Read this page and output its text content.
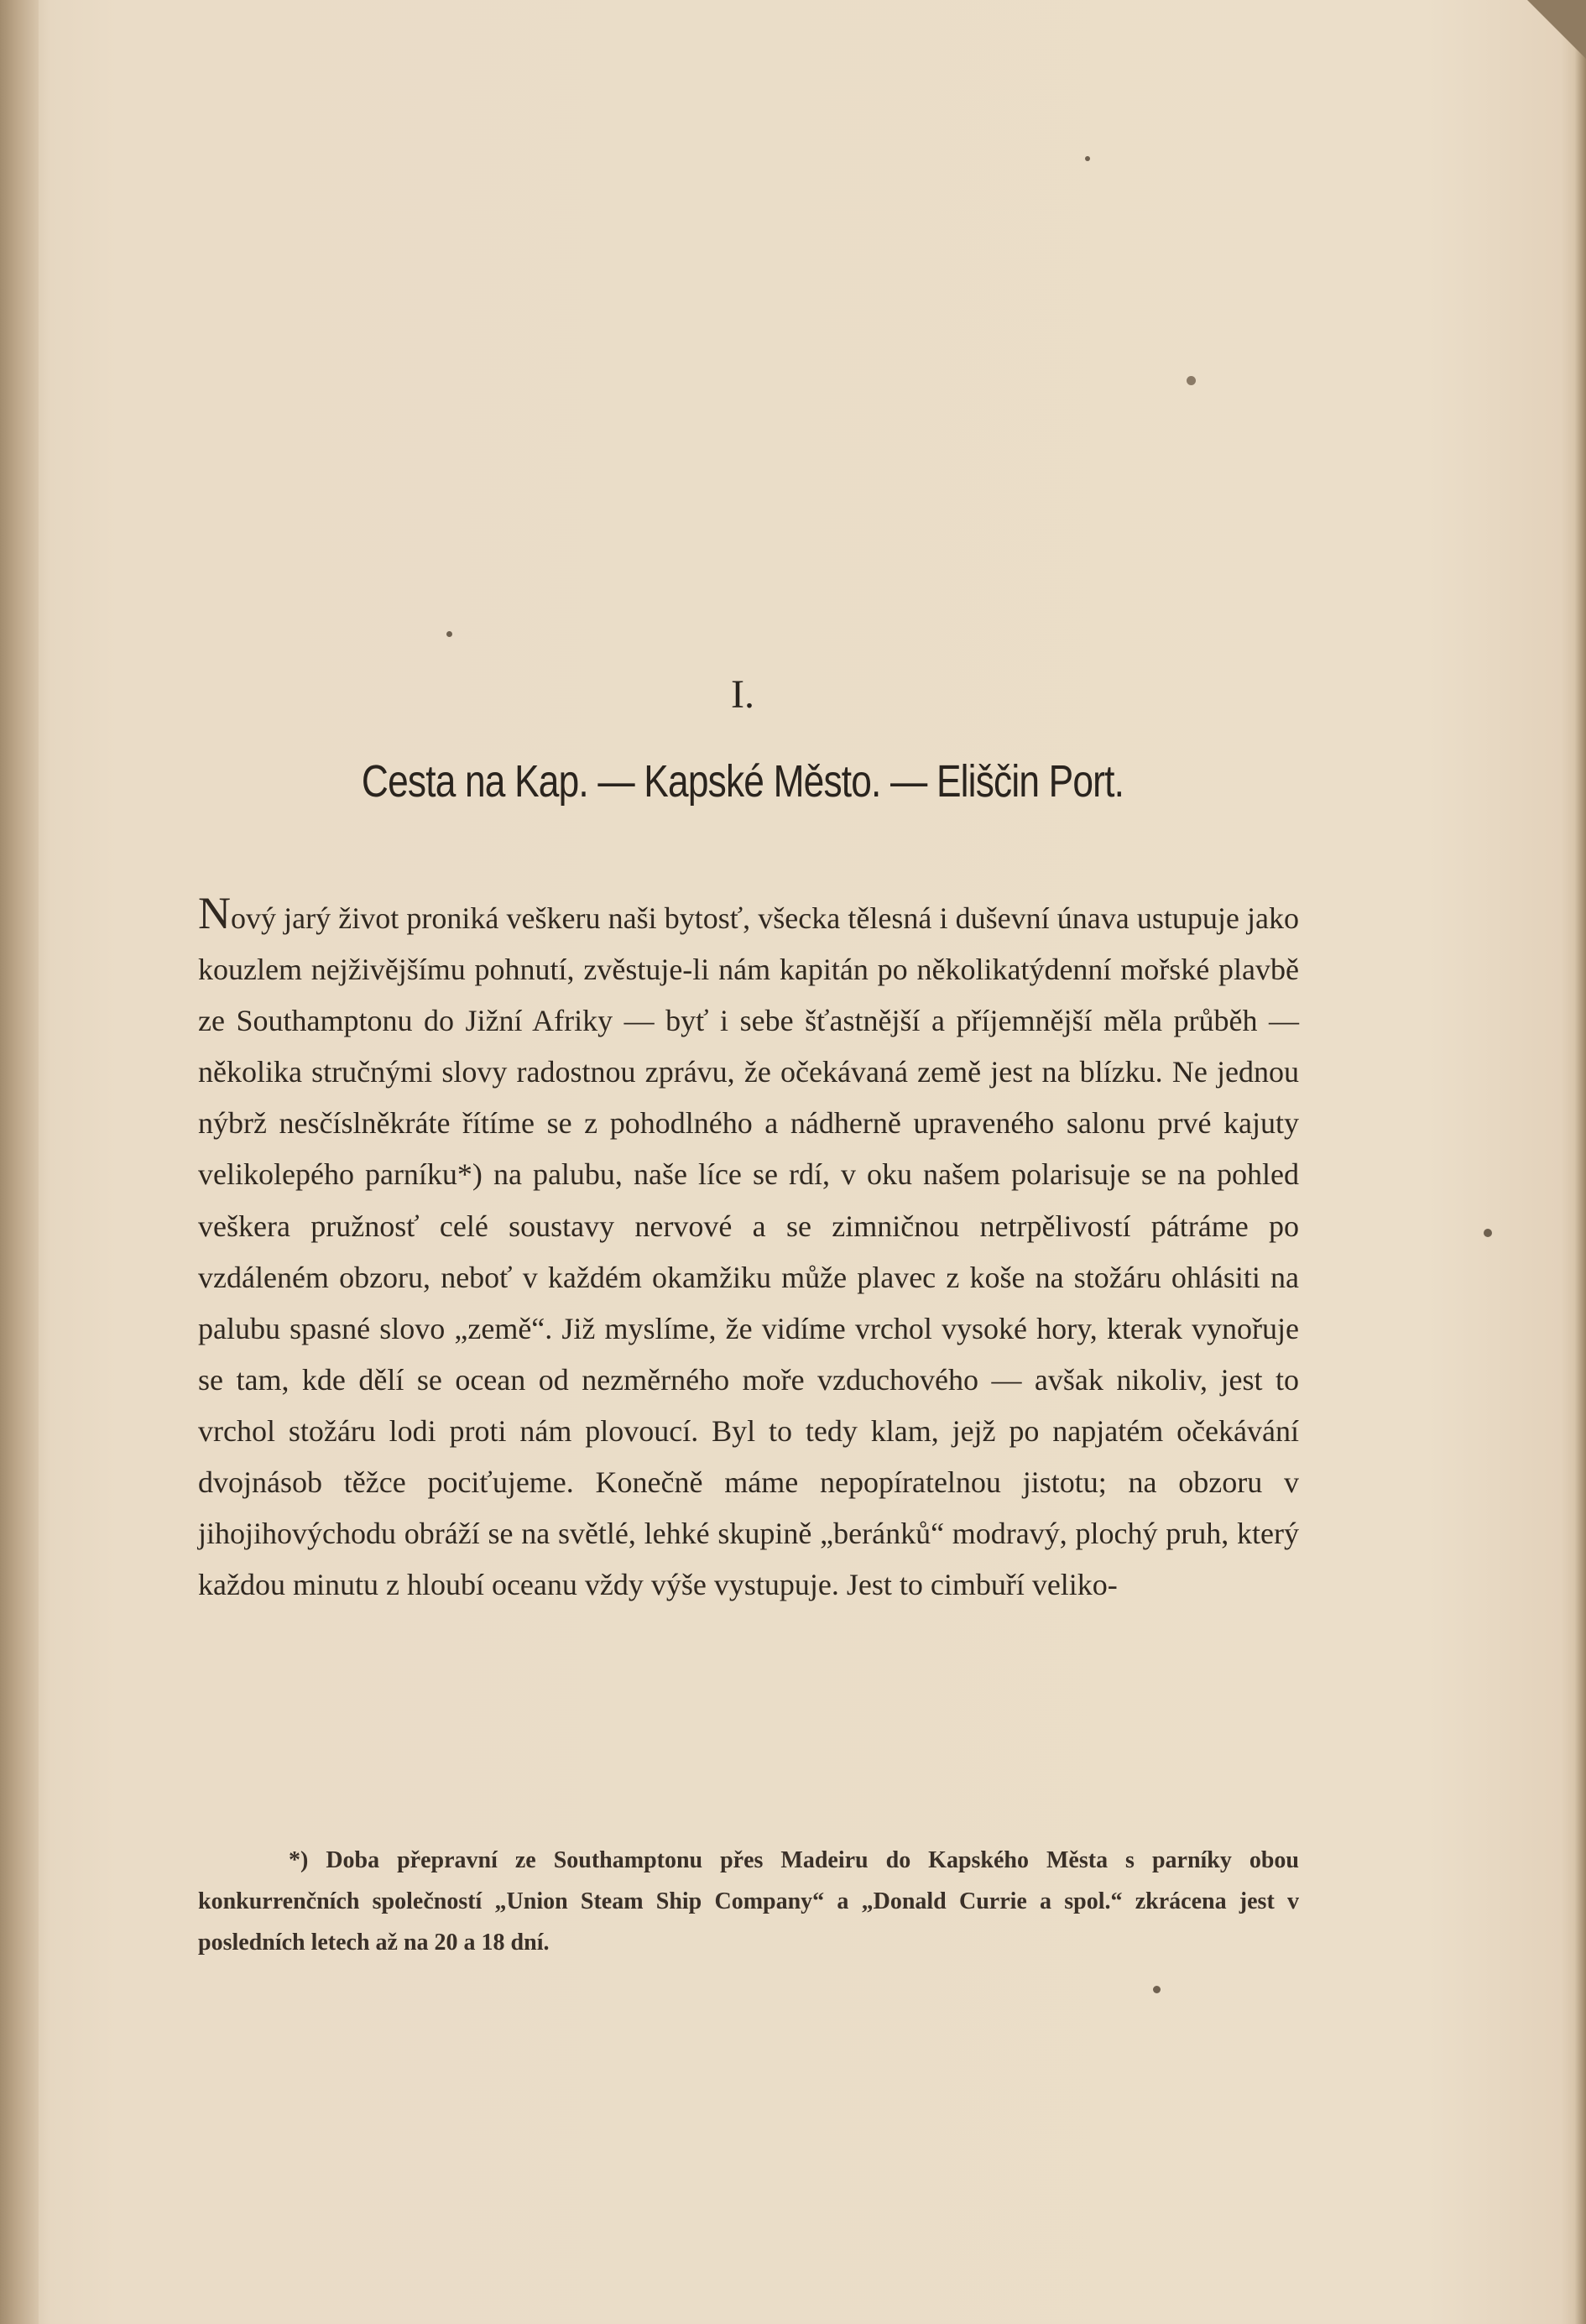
I.
Cesta na Kap. — Kapské Město. — Eliščin Port.

Nový jarý život proniká veškeru naši bytosť, všecka tělesná i duševní únava ustupuje jako kouzlem nejživějšímu pohnutí, zvěstuje-li nám kapitán po několikatýdenní mořské plavbě ze Southamptonu do Jižní Afriky — byť i sebe šťastnější a příjemnější měla průběh — několika stručnými slovy radostnou zprávu, že očekávaná země jest na blízku. Ne jednou nýbrž nesčíslněkráte řítíme se z pohodlného a nádherně upraveného salonu prvé kajuty velikolepého parníku*) na palubu, naše líce se rdí, v oku našem polarisuje se na pohled veškera pružnosť celé soustavy nervové a se zimničnou netrpělivostí pátráme po vzdáleném obzoru, neboť v každém okamžiku může plavec z koše na stožáru ohlásiti na palubu spasné slovo „země“. Již myslíme, že vidíme vrchol vysoké hory, kterak vynořuje se tam, kde dělí se ocean od nezměrného moře vzduchového — avšak nikoliv, jest to vrchol stožáru lodi proti nám plovoucí. Byl to tedy klam, jejž po napjatém očekávání dvojnásob těžce pociťujeme. Konečně máme nepopíratelnou jistotu; na obzoru v jihojihovýchodu obráží se na světlé, lehké skupině „beránků“ modravý, plochý pruh, který každou minutu z hloubí oceanu vždy výše vystupuje. Jest to cimbuří veliko-

*) Doba přepravní ze Southamptonu přes Madeiru do Kapského Města s parníky obou konkurrenčních společností „Union Steam Ship Company“ a „Donald Currie a spol.“ zkrácena jest v posledních letech až na 20 a 18 dní.
